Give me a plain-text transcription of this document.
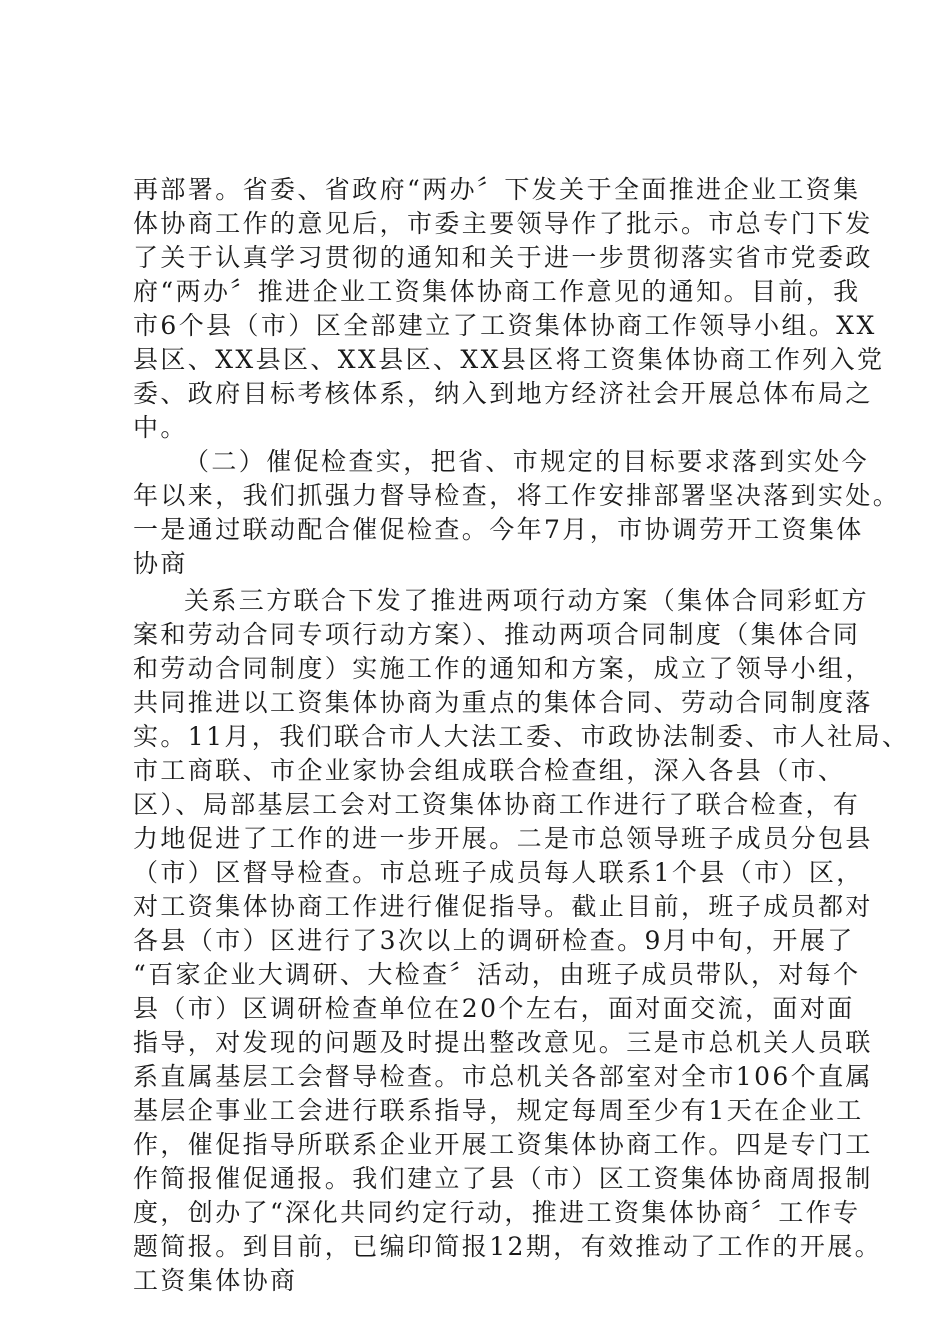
再部署。省委、省政府“两办〞下发关于全面推进企业工资集
体协商工作的意见后，市委主要领导作了批示。市总专门下发
了关于认真学习贯彻的通知和关于进一步贯彻落实省市党委政
府“两办〞推进企业工资集体协商工作意见的通知。目前，我
市6个县（市）区全部建立了工资集体协商工作领导小组。XX
县区、XX县区、XX县区、XX县区将工资集体协商工作列入党
委、政府目标考核体系，纳入到地方经济社会开展总体布局之
中。
（二）催促检查实，把省、市规定的目标要求落到实处今
年以来，我们抓强力督导检查，将工作安排部署坚决落到实处。
一是通过联动配合催促检查。今年7月，市协调劳开工资集体
协商
关系三方联合下发了推进两项行动方案（集体合同彩虹方
案和劳动合同专项行动方案）、推动两项合同制度（集体合同
和劳动合同制度）实施工作的通知和方案，成立了领导小组，
共同推进以工资集体协商为重点的集体合同、劳动合同制度落
实。11月，我们联合市人大法工委、市政协法制委、市人社局、
市工商联、市企业家协会组成联合检查组，深入各县（市、
区）、局部基层工会对工资集体协商工作进行了联合检查，有
力地促进了工作的进一步开展。二是市总领导班子成员分包县
（市）区督导检查。市总班子成员每人联系1个县（市）区，
对工资集体协商工作进行催促指导。截止目前，班子成员都对
各县（市）区进行了3次以上的调研检查。9月中旬，开展了
“百家企业大调研、大检查〞活动，由班子成员带队，对每个
县（市）区调研检查单位在20个左右，面对面交流，面对面
指导，对发现的问题及时提出整改意见。三是市总机关人员联
系直属基层工会督导检查。市总机关各部室对全市106个直属
基层企事业工会进行联系指导，规定每周至少有1天在企业工
作，催促指导所联系企业开展工资集体协商工作。四是专门工
作简报催促通报。我们建立了县（市）区工资集体协商周报制
度，创办了“深化共同约定行动，推进工资集体协商〞工作专
题简报。到目前，已编印简报12期，有效推动了工作的开展。
工资集体协商
